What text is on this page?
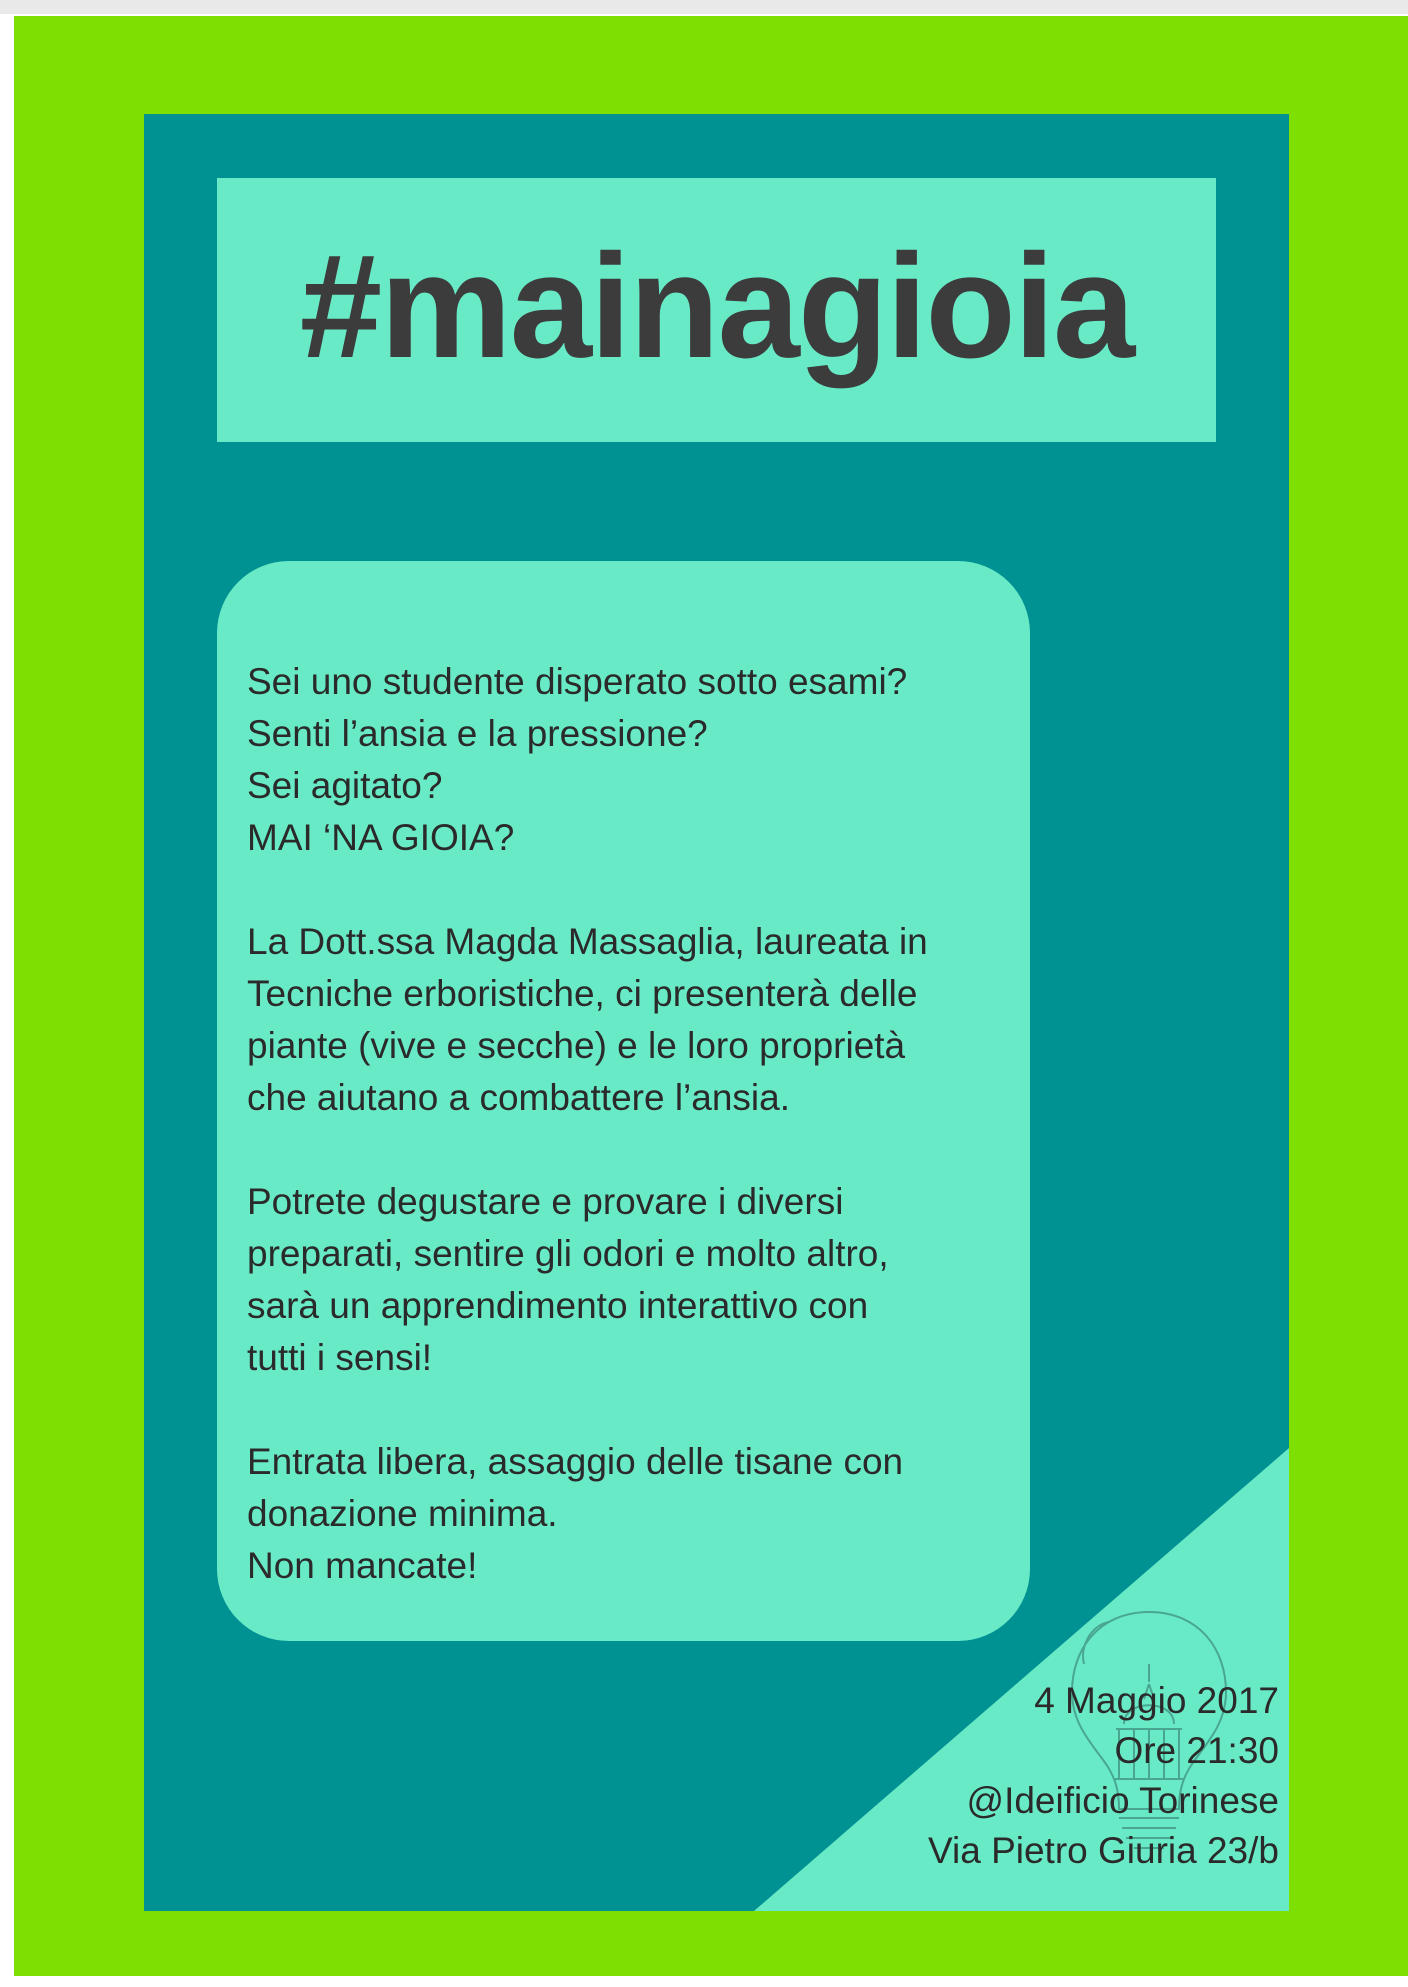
#mainagioia

Sei uno studente disperato sotto esami?
Senti l’ansia e la pressione?
Sei agitato?
MAI ‘NA GIOIA?

La Dott.ssa Magda Massaglia, laureata in
Tecniche erboristiche, ci presenterà delle
piante (vive e secche) e le loro proprietà
che aiutano a combattere l’ansia.

Potrete degustare e provare i diversi
preparati, sentire gli odori e molto altro,
sarà un apprendimento interattivo con
tutti i sensi!

Entrata libera, assaggio delle tisane con
donazione minima.
Non mancate!

4 Maggio 2017
Ore 21:30
@Ideificio Torinese
Via Pietro Giuria 23/b
